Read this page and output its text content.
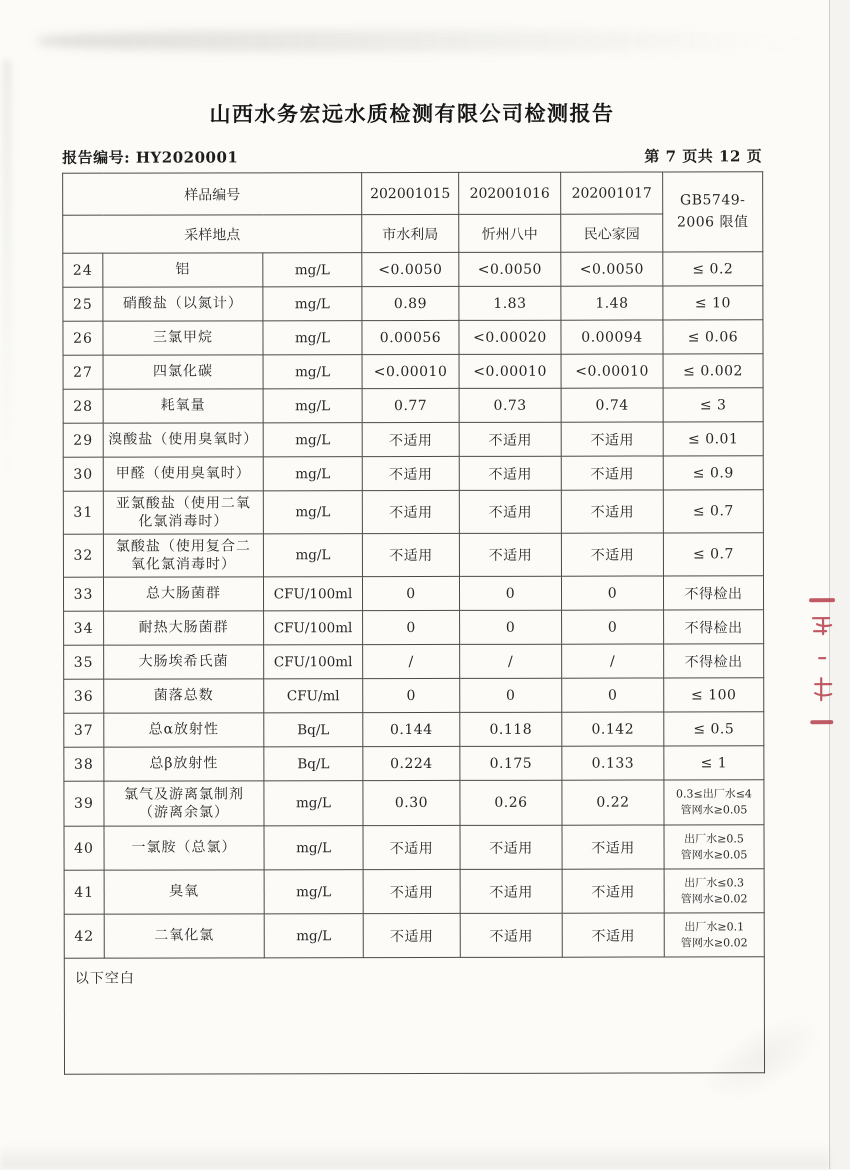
山西水务宏远水质检测有限公司检测报告
报告编号: HY2020001	第 7 页共 12 页
样品编号			202001015	202001016	202001017	GB5749-
2006 限值

采样地点			市水利局	忻州八中	民心家园	
24	铝	mg/L	<0.0050	<0.0050	<0.0050	≤ 0.2
25	硝酸盐（以氮计）	mg/L	0.89	1.83	1.48	≤ 10
26	三氯甲烷	mg/L	0.00056	<0.00020	0.00094	≤ 0.06
27	四氯化碳	mg/L	<0.00010	<0.00010	<0.00010	≤ 0.002
28	耗氧量	mg/L	0.77	0.73	0.74	≤ 3
29	溴酸盐（使用臭氧时）	mg/L	不适用	不适用	不适用	≤ 0.01
30	甲醛（使用臭氧时）	mg/L	不适用	不适用	不适用	≤ 0.9
31	亚氯酸盐（使用二氧
化氯消毒时）	mg/L	不适用	不适用	不适用	≤ 0.7
32	氯酸盐（使用复合二
氧化氯消毒时）	mg/L	不适用	不适用	不适用	≤ 0.7
33	总大肠菌群	CFU/100ml	0	0	0	不得检出
34	耐热大肠菌群	CFU/100ml	0	0	0	不得检出
35	大肠埃希氏菌	CFU/100ml	/	/	/	不得检出
36	菌落总数	CFU/ml	0	0	0	≤ 100
37	总α放射性	Bq/L	0.144	0.118	0.142	≤ 0.5
38	总β放射性	Bq/L	0.224	0.175	0.133	≤ 1
39	氯气及游离氯制剂
（游离余氯）	mg/L	0.30	0.26	0.22	
0.3≤出厂水≤4
管网水≥0.05

40	一氯胺（总氯）	mg/L	不适用	不适用	不适用	出厂水≥0.5
管网水≥0.05

41	臭氧	mg/L	不适用	不适用	不适用	出厂水≤0.3
管网水≥0.02

42	二氧化氯	mg/L	不适用	不适用	不适用	出厂水≥0.1
管网水≥0.02

以下空白						
